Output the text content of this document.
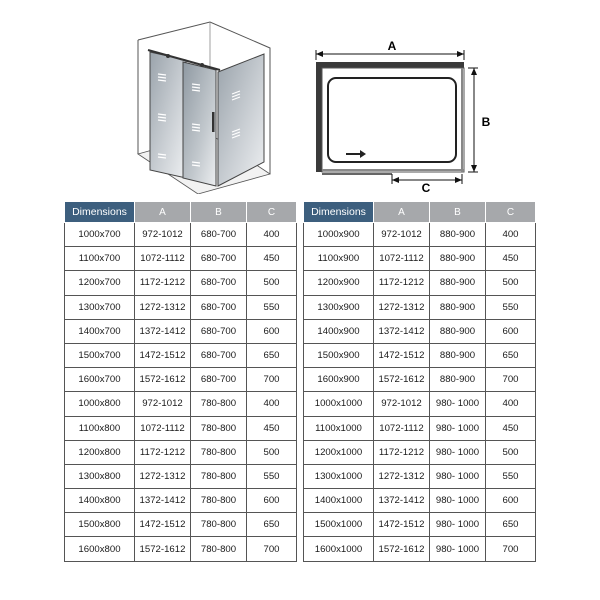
A
B
C
Dimensions	A	B	C
1000x700	972-1012	680-700	400
1100x700	1072-1112	680-700	450
1200x700	1172-1212	680-700	500
1300x700	1272-1312	680-700	550
1400x700	1372-1412	680-700	600
1500x700	1472-1512	680-700	650
1600x700	1572-1612	680-700	700
1000x800	972-1012	780-800	400
1100x800	1072-1112	780-800	450
1200x800	1172-1212	780-800	500
1300x800	1272-1312	780-800	550
1400x800	1372-1412	780-800	600
1500x800	1472-1512	780-800	650
1600x800	1572-1612	780-800	700
Dimensions	A	B	C
1000x900	972-1012	880-900	400
1100x900	1072-1112	880-900	450
1200x900	1172-1212	880-900	500
1300x900	1272-1312	880-900	550
1400x900	1372-1412	880-900	600
1500x900	1472-1512	880-900	650
1600x900	1572-1612	880-900	700
1000x1000	972-1012	980- 1000	400
1100x1000	1072-1112	980- 1000	450
1200x1000	1172-1212	980- 1000	500
1300x1000	1272-1312	980- 1000	550
1400x1000	1372-1412	980- 1000	600
1500x1000	1472-1512	980- 1000	650
1600x1000	1572-1612	980- 1000	700
